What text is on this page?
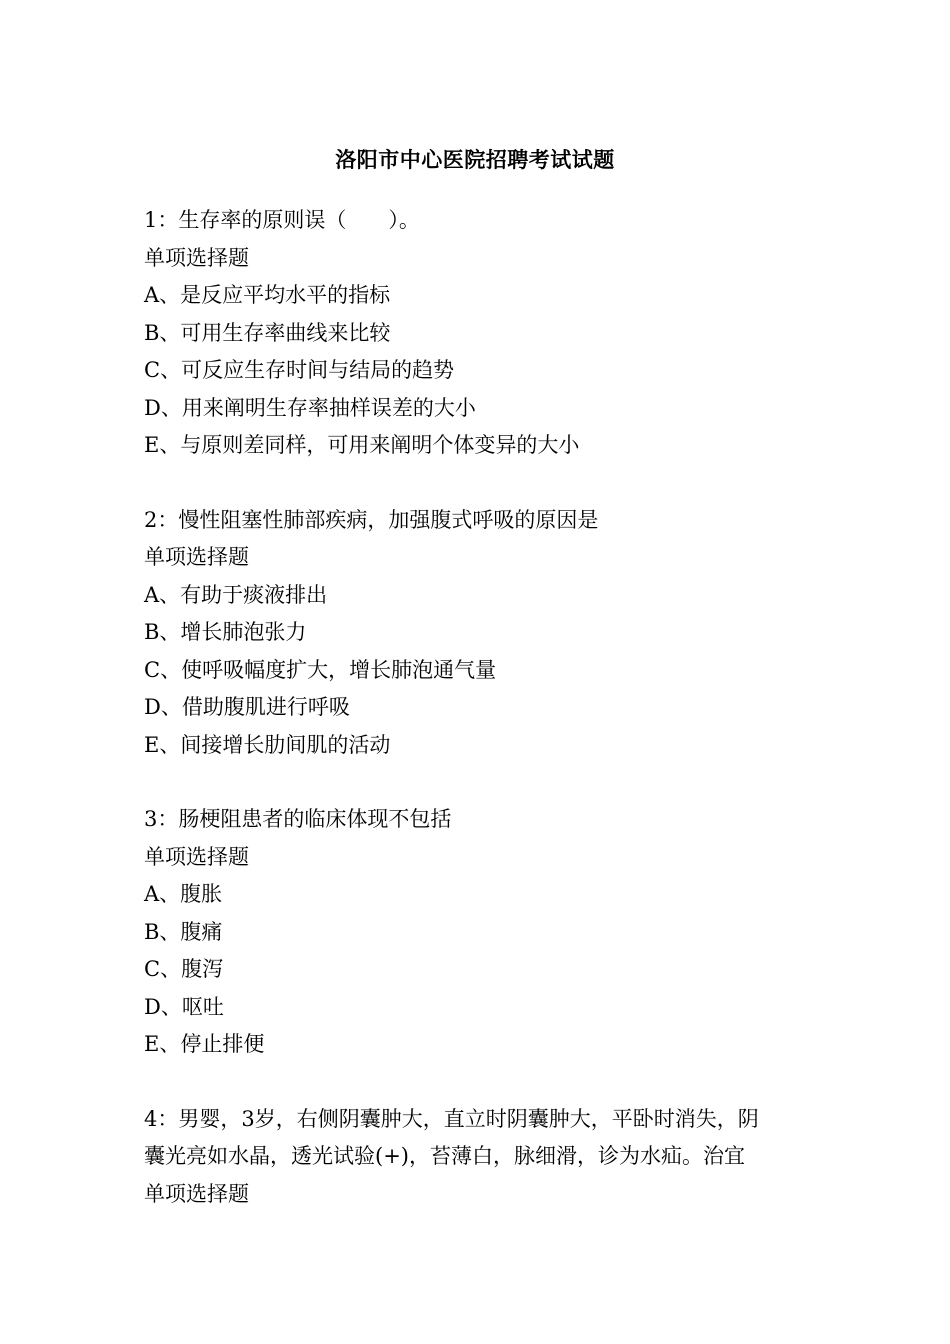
洛阳市中心医院招聘考试试题
1：生存率的原则误（　　）。
单项选择题
A、是反应平均水平的指标
B、可用生存率曲线来比较
C、可反应生存时间与结局的趋势
D、用来阐明生存率抽样误差的大小
E、与原则差同样，可用来阐明个体变异的大小
2：慢性阻塞性肺部疾病，加强腹式呼吸的原因是
单项选择题
A、有助于痰液排出
B、增长肺泡张力
C、使呼吸幅度扩大，增长肺泡通气量
D、借助腹肌进行呼吸
E、间接增长肋间肌的活动
3：肠梗阻患者的临床体现不包括
单项选择题
A、腹胀
B、腹痛
C、腹泻
D、呕吐
E、停止排便
4：男婴，3岁，右侧阴囊肿大，直立时阴囊肿大，平卧时消失，阴
囊光亮如水晶，透光试验(+)，苔薄白，脉细滑，诊为水疝。治宜
单项选择题
